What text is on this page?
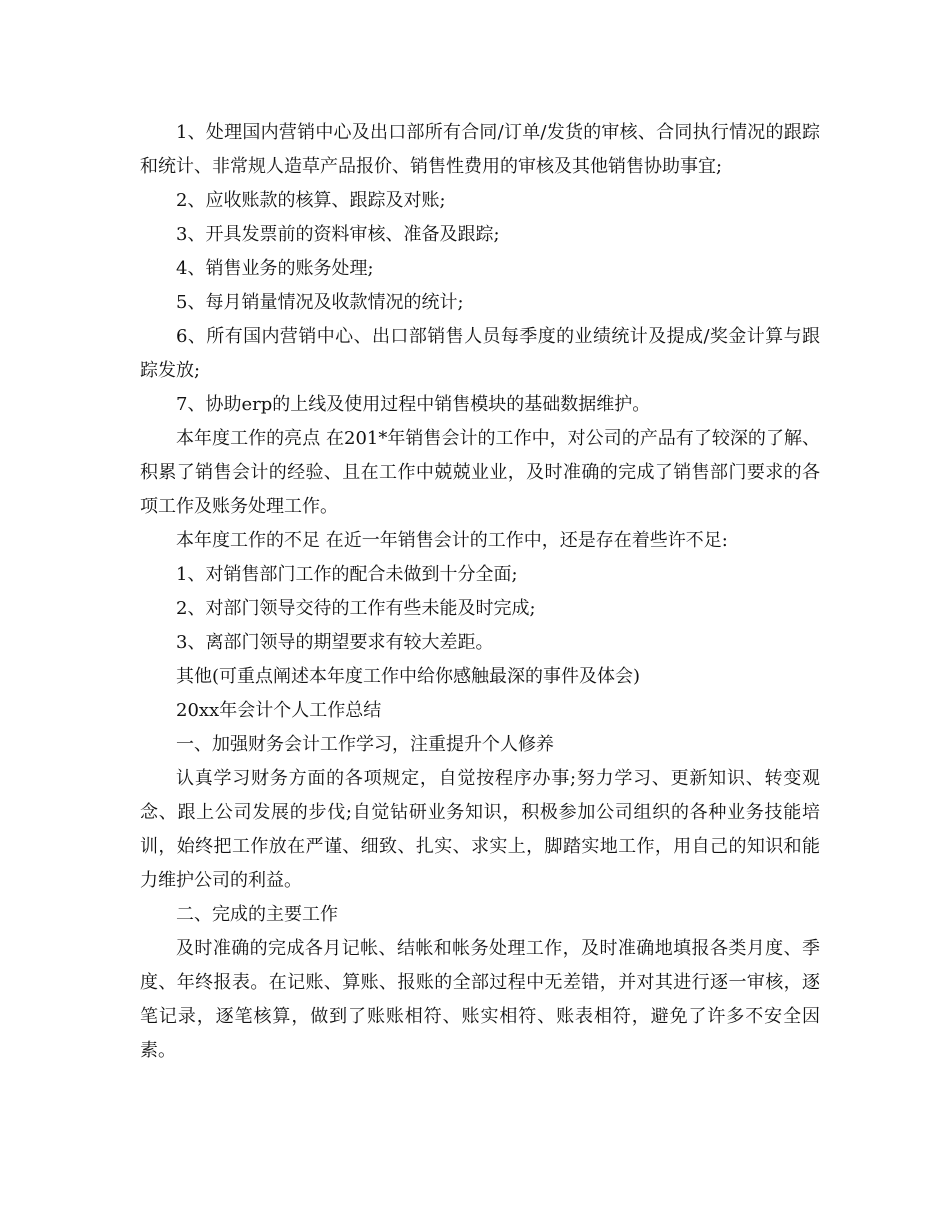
1、处理国内营销中心及出口部所有合同/订单/发货的审核、合同执行情况的跟踪和统计、非常规人造草产品报价、销售性费用的审核及其他销售协助事宜;

2、应收账款的核算、跟踪及对账;

3、开具发票前的资料审核、准备及跟踪;

4、销售业务的账务处理;

5、每月销量情况及收款情况的统计;

6、所有国内营销中心、出口部销售人员每季度的业绩统计及提成/奖金计算与跟踪发放;

7、协助erp的上线及使用过程中销售模块的基础数据维护。

本年度工作的亮点 在201*年销售会计的工作中，对公司的产品有了较深的了解、积累了销售会计的经验、且在工作中兢兢业业，及时准确的完成了销售部门要求的各项工作及账务处理工作。

本年度工作的不足 在近一年销售会计的工作中，还是存在着些许不足:

1、对销售部门工作的配合未做到十分全面;

2、对部门领导交待的工作有些未能及时完成;

3、离部门领导的期望要求有较大差距。

其他(可重点阐述本年度工作中给你感触最深的事件及体会)

20xx年会计个人工作总结

一、加强财务会计工作学习，注重提升个人修养

认真学习财务方面的各项规定，自觉按程序办事;努力学习、更新知识、转变观念、跟上公司发展的步伐;自觉钻研业务知识，积极参加公司组织的各种业务技能培训，始终把工作放在严谨、细致、扎实、求实上，脚踏实地工作，用自己的知识和能力维护公司的利益。

二、完成的主要工作

及时准确的完成各月记帐、结帐和帐务处理工作，及时准确地填报各类月度、季度、年终报表。在记账、算账、报账的全部过程中无差错，并对其进行逐一审核，逐笔记录，逐笔核算，做到了账账相符、账实相符、账表相符，避免了许多不安全因素。
